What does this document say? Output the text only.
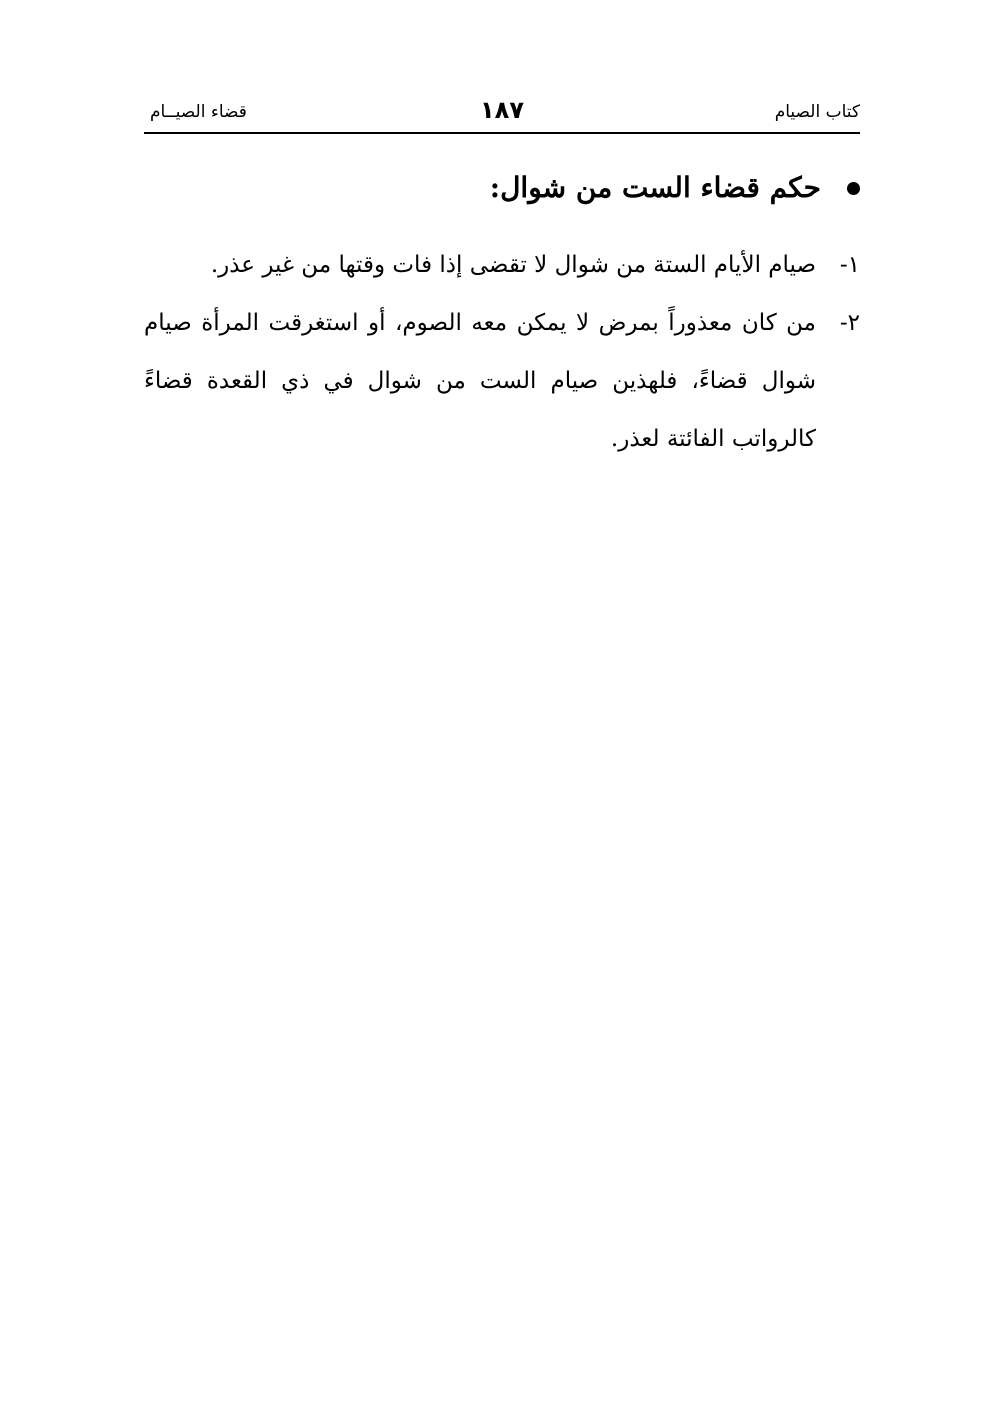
كتاب الصيام
١٨٧
قضاء الصيــام
حكم قضاء الست من شوال:
١-
صيام الأيام الستة من شوال لا تقضى إذا فات وقتها من غير عذر.
٢-
من كان معذوراً بمرض لا يمكن معه الصوم، أو استغرقت المرأة صيام شوال قضاءً، فلهذين صيام الست من شوال في ذي القعدة قضاءً كالرواتب الفائتة لعذر.
